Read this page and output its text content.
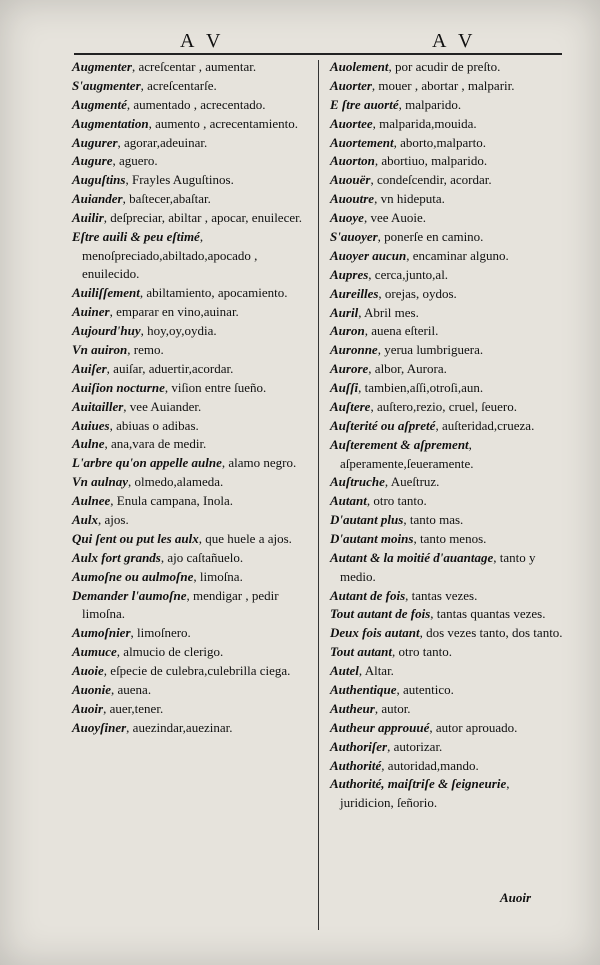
A V	A V
Augmenter, acreſcentar , aumentar.
S'augmenter, acreſcentarſe.
Augmenté, aumentado , acrecentado.
Augmentation, aumento , acrecentamiento.
Augurer, agorar,adeuinar.
Augure, aguero.
Auguſtins, Frayles Auguſtinos.
Auiander, baſtecer,abaſtar.
Auilir, deſpreciar, abiltar , apocar, enuilecer.
Eſtre auili & peu eſtimé, menoſpreciado,abiltado,apocado , enuilecido.
Auiliſſement, abiltamiento, apocamiento.
Auiner, emparar en vino,auinar.
Aujourd'huy, hoy,oy,oydia.
Vn auiron, remo.
Auiſer, auiſar, aduertir,acordar.
Auiſion nocturne, viſion entre ſueño.
Auitailler, vee Auiander.
Auiues, abiuas o adibas.
Aulne, ana,vara de medir.
L'arbre qu'on appelle aulne, alamo negro.
Vn aulnay, olmedo,alameda.
Aulnee, Enula campana, Inola.
Aulx, ajos.
Qui ſent ou put les aulx, que huele a ajos.
Aulx fort grands, ajo caſtañuelo.
Aumoſne ou aulmoſne, limoſna.
Demander l'aumoſne, mendigar , pedir limoſna.
Aumoſnier, limoſnero.
Aumuce, almucio de clerigo.
Auoie, eſpecie de culebra,culebrilla ciega.
Auonie, auena.
Auoir, auer,tener.
Auoyſiner, auezindar,auezinar.
Auolement, por acudir de preſto.
Auorter, mouer , abortar , malparir.
E ſtre auorté, malparido.
Auortee, malparida,mouida.
Auortement, aborto,malparto.
Auorton, abortiuo, malparido.
Auouër, condeſcendir, acordar.
Auoutre, vn hideputa.
Auoye, vee Auoie.
S'auoyer, ponerſe en camino.
Auoyer aucun, encaminar alguno.
Aupres, cerca,junto,al.
Aureilles, orejas, oydos.
Auril, Abril mes.
Auron, auena eſteril.
Auronne, yerua lumbriguera.
Aurore, albor, Aurora.
Auſſi, tambien,aſſi,otroſi,aun.
Auſtere, auſtero,rezio, cruel, ſeuero.
Auſterité ou aſpreté, auſteridad,crueza.
Auſterement & aſprement, aſperamente,ſeueramente.
Auſtruche, Aueſtruz.
Autant, otro tanto.
D'autant plus, tanto mas.
D'autant moins, tanto menos.
Autant & la moitié d'auantage, tanto y medio.
Autant de fois, tantas vezes.
Tout autant de fois, tantas quantas vezes.
Deux fois autant, dos vezes tanto, dos tanto.
Tout autant, otro tanto.
Autel, Altar.
Authentique, autentico.
Autheur, autor.
Autheur approuué, autor aprouado.
Authoriſer, autorizar.
Authorité, autoridad,mando.
Authorité, maiſtriſe & ſeigneurie, juridicion, ſeñorio.
Auoir
